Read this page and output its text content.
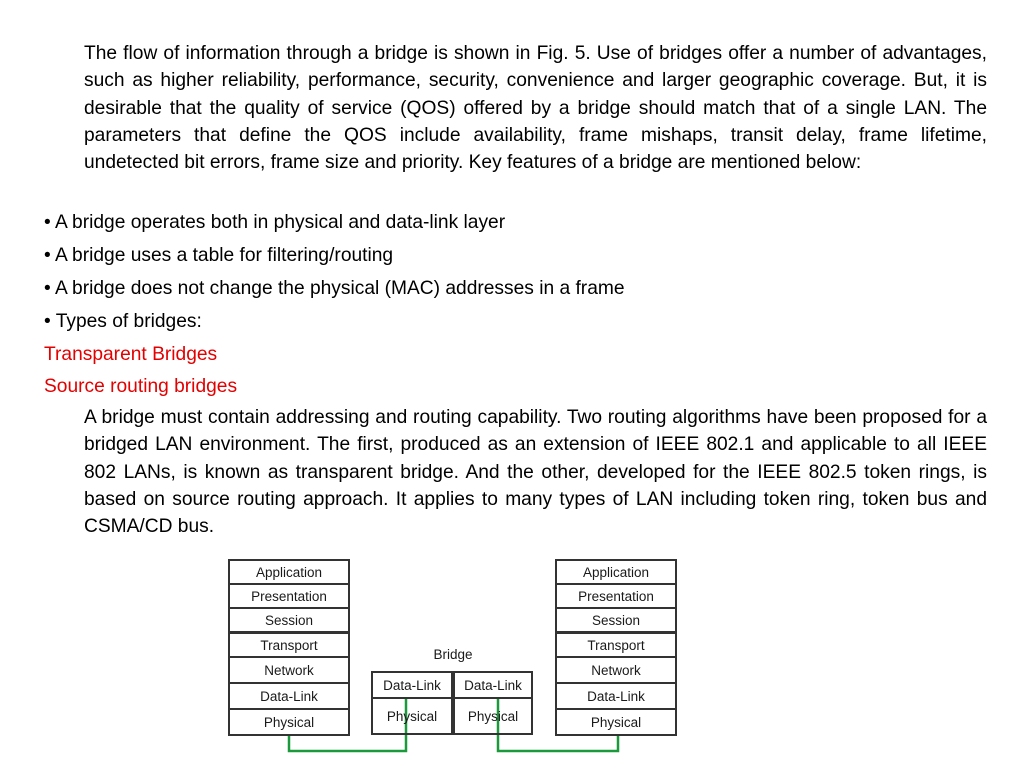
The flow of information through a bridge is shown in Fig. 5. Use of bridges offer a number of advantages, such as higher reliability, performance, security, convenience and larger geographic coverage. But, it is desirable that the quality of service (QOS) offered by a bridge should match that of a single LAN. The parameters that define the QOS include availability, frame mishaps, transit delay, frame lifetime, undetected bit errors, frame size and priority. Key features of a bridge are mentioned below:

• A bridge operates both in physical and data-link layer

• A bridge uses a table for filtering/routing

• A bridge does not change the physical (MAC) addresses in a frame

• Types of bridges:

Transparent Bridges

Source routing bridges

A bridge must contain addressing and routing capability. Two routing algorithms have been proposed for a bridged LAN environment. The first, produced as an extension of IEEE 802.1 and applicable to all IEEE 802 LANs, is known as transparent bridge. And the other, developed for the IEEE 802.5 token rings, is based on source routing approach. It applies to many types of LAN including token ring, token bus and CSMA/CD bus.

Application
Presentation
Session
Transport
Network
Data-Link
Physical
Application
Presentation
Session
Transport
Network
Data-Link
Physical
Bridge
Data-Link
Physical
Data-Link
Physical
